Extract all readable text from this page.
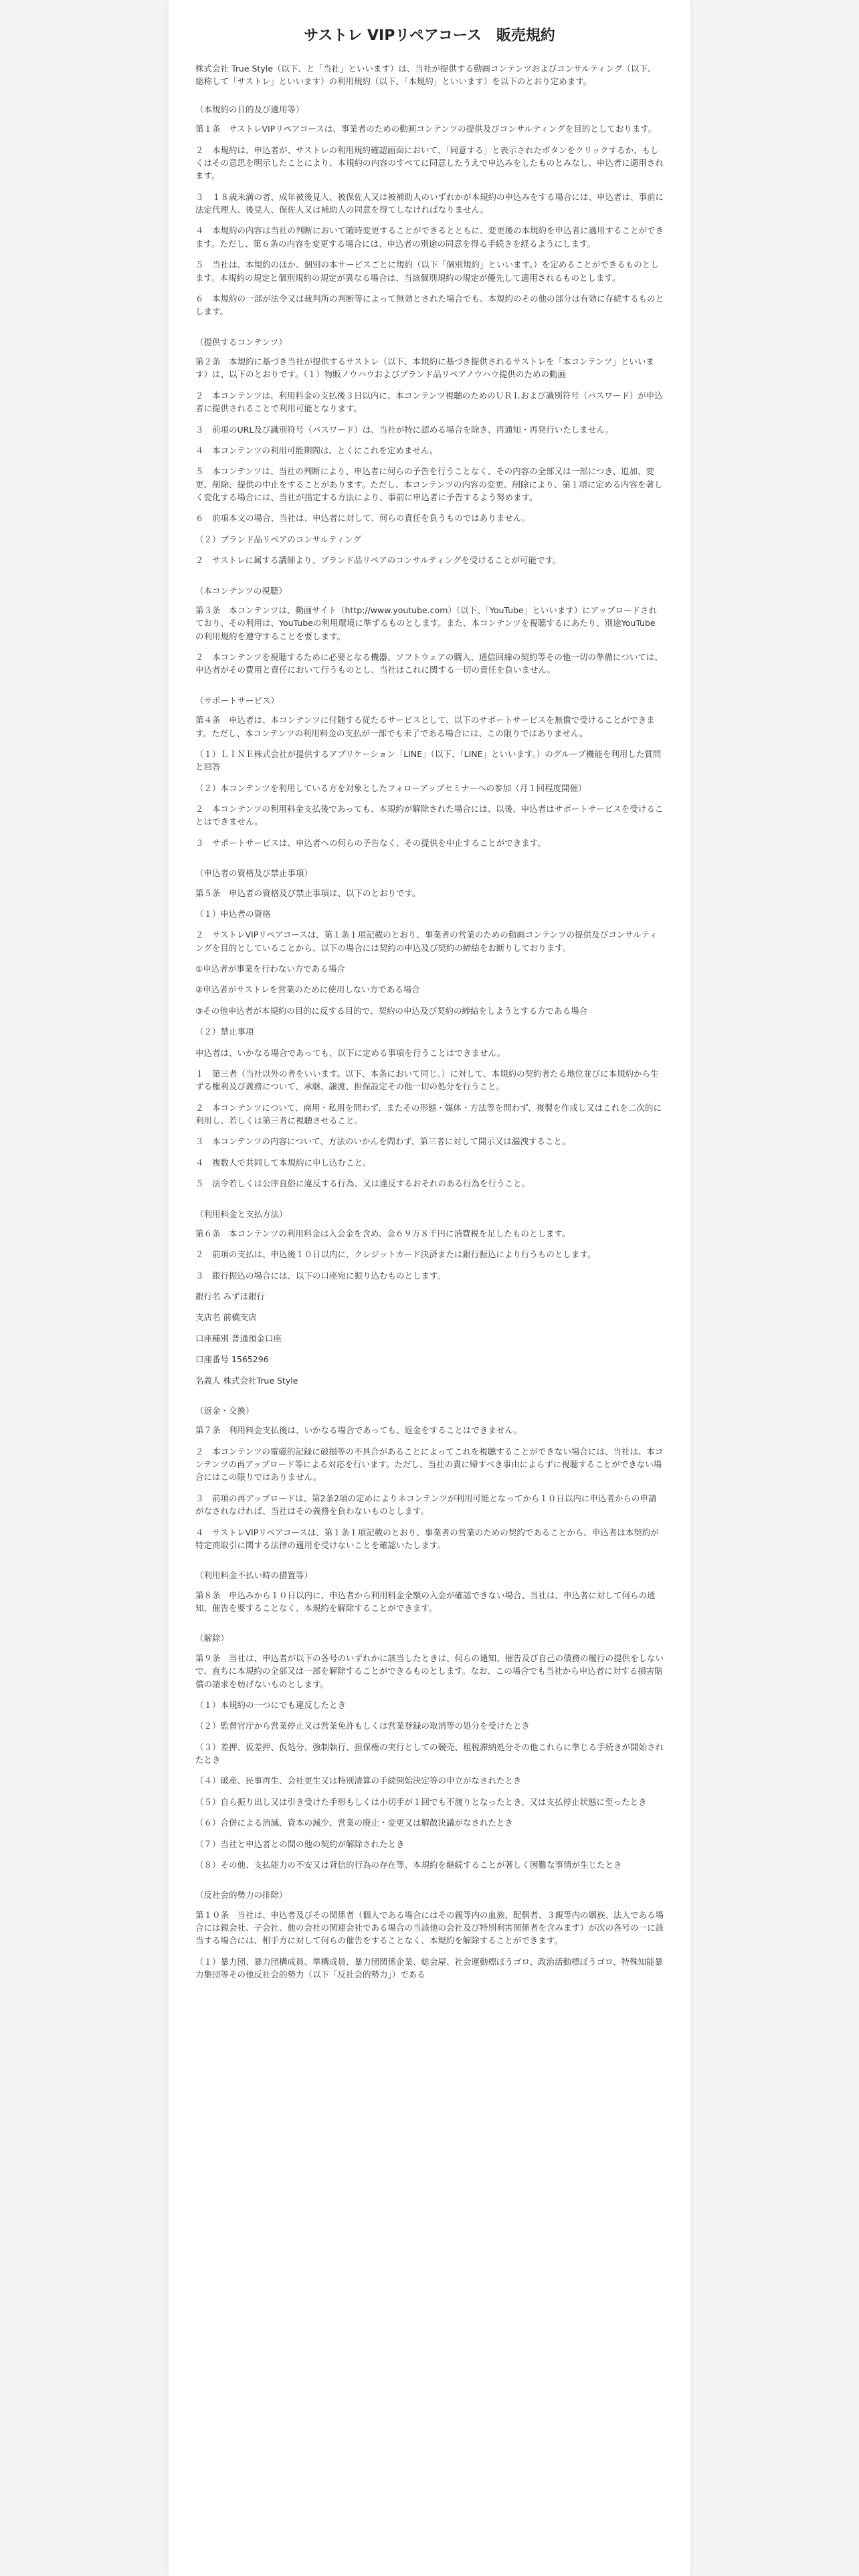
サストレ VIPリペアコース　販売規約

株式会社 True Style（以下、と「当社」といいます）は、当社が提供する動画コンテンツおよびコンサルティング（以下、総称して「サストレ」といいます）の利用規約（以下、「本規約」といいます）を以下のとおり定めます。

（本規約の目的及び適用等）

第１条　サストレVIPリペアコースは、事業者のための動画コンテンツの提供及びコンサルティングを目的としております。

２　本規約は、申込者が、サストレの利用規約確認画面において、「同意する」と表示されたボタンをクリックするか、もしくはその意思を明示したことにより、本規約の内容のすべてに同意したうえで申込みをしたものとみなし、申込者に適用されます。

３　１８歳未満の者、成年被後見人、被保佐人又は被補助人のいずれかが本規約の申込みをする場合には、申込者は、事前に法定代理人、後見人、保佐人又は補助人の同意を得てしなければなりません。

４　本規約の内容は当社の判断において随時変更することができるとともに、変更後の本規約を申込者に適用することができます。ただし、第６条の内容を変更する場合には、申込者の別途の同意を得る手続きを経るようにします。

５　当社は、本規約のほか、個別の本サービスごとに規約（以下「個別規約」といいます。）を定めることができるものとします。本規約の規定と個別規約の規定が異なる場合は、当該個別規約の規定が優先して適用されるものとします。

６　本規約の一部が法令又は裁判所の判断等によって無効とされた場合でも、本規約のその他の部分は有効に存続するものとします。

（提供するコンテンツ）

第２条　本規約に基づき当社が提供するサストレ（以下、本規約に基づき提供されるサストレを「本コンテンツ」といいます）は、以下のとおりです。（１）物販ノウハウおよびブランド品リペアノウハウ提供のための動画

２　本コンテンツは、利用料金の支払後３日以内に、本コンテンツ視聴のためのＵＲＬおよび識別符号（パスワード）が申込者に提供されることで利用可能となります。

３　前項のURL及び識別符号（パスワード）は、当社が特に認める場合を除き、再通知・再発行いたしません。

４　本コンテンツの利用可能期間は、とくにこれを定めません。

５　本コンテンツは、当社の判断により、申込者に何らの予告を行うことなく、その内容の全部又は一部につき、追加、変更、削除、提供の中止をすることがあります。ただし、本コンテンツの内容の変更、削除により、第１項に定める内容を著しく変化する場合には、当社が指定する方法により、事前に申込者に予告するよう努めます。

６　前項本文の場合、当社は、申込者に対して、何らの責任を負うものではありません。

（２）ブランド品リペアのコンサルティング

２　サストレに属する講師より、ブランド品リペアのコンサルティングを受けることが可能です。

（本コンテンツの視聴）

第３条　本コンテンツは、動画サイト（http://www.youtube.com）（以下、「YouTube」といいます）にアップロードされており、その利用は、YouTubeの利用環境に準ずるものとします。また、本コンテンツを視聴するにあたり、別途YouTubeの利用規約を遵守することを要します。

２　本コンテンツを視聴するために必要となる機器、ソフトウェアの購入、通信回線の契約等その他一切の準備については、申込者がその費用と責任において行うものとし、当社はこれに関する一切の責任を負いません。

（サポートサービス）

第４条　申込者は、本コンテンツに付随する従たるサービスとして、以下のサポートサービスを無償で受けることができます。ただし、本コンテンツの利用料金の支払が一部でも未了である場合には、この限りではありません。

（１）ＬＩＮＥ株式会社が提供するアプリケーション「LINE」（以下、「LINE」といいます。）のグループ機能を利用した質問と回答

（２）本コンテンツを利用している方を対象としたフォローアップセミナーへの参加（月１回程度開催）

２　本コンテンツの利用料金支払後であっても、本規約が解除された場合には、以後、申込者はサポートサービスを受けることはできません。

３　サポートサービスは、申込者への何らの予告なく、その提供を中止することができます。

（申込者の資格及び禁止事項）

第５条　申込者の資格及び禁止事項は、以下のとおりです。

（１）申込者の資格

２　サストレVIPリペアコースは、第１条１項記載のとおり、事業者の営業のための動画コンテンツの提供及びコンサルティングを目的としていることから、以下の場合には契約の申込及び契約の締結をお断りしております。

①申込者が事業を行わない方である場合

②申込者がサストレを営業のために使用しない方である場合

③その他申込者が本規約の目的に反する目的で、契約の申込及び契約の締結をしようとする方である場合

（２）禁止事項

申込者は、いかなる場合であっても、以下に定める事項を行うことはできません。

１　第三者（当社以外の者をいいます。以下、本条において同じ。）に対して、本規約の契約者たる地位並びに本規約から生ずる権利及び義務について、承継、譲渡、担保設定その他一切の処分を行うこと。

２　本コンテンツについて、商用・私用を問わず、またその形態・媒体・方法等を問わず、複製を作成し又はこれを二次的に利用し、若しくは第三者に視聴させること。

３　本コンテンツの内容について、方法のいかんを問わず、第三者に対して開示又は漏洩すること。

４　複数人で共同して本規約に申し込むこと。

５　法令若しくは公序良俗に違反する行為、又は違反するおそれのある行為を行うこと。

（利用料金と支払方法）

第６条　本コンテンツの利用料金は入会金を含め、金６９万８千円に消費税を足したものとします。

２　前項の支払は、申込後１０日以内に、クレジットカード決済または銀行振込により行うものとします。

３　銀行振込の場合には、以下の口座宛に振り込むものとします。

銀行名 みずほ銀行

支店名 前橋支店

口座種別 普通預金口座

口座番号 1565296

名義人 株式会社True Style

（返金・交換）

第７条　利用料金支払後は、いかなる場合であっても、返金をすることはできません。

２　本コンテンツの電磁的記録に破損等の不具合があることによってこれを視聴することができない場合には、当社は、本コンテンツの再アップロード等による対応を行います。ただし、当社の責に帰すべき事由によらずに視聴することができない場合にはこの限りではありません。

３　前項の再アップロードは、第2条2項の定めによりネコンテンツが利用可能となってから１０日以内に申込者からの申請がなされなければ、当社はその義務を負わないものとします。

４　サストレVIPリペアコースは、第１条１項記載のとおり、事業者の営業のための契約であることから、申込者は本契約が特定商取引に関する法律の適用を受けないことを確認いたします。

（利用料金不払い時の措置等）

第８条　申込みから１０日以内に、申込者から利用料金全額の入金が確認できない場合、当社は、申込者に対して何らの通知、催告を要することなく、本規約を解除することができます。

（解除）

第９条　当社は、申込者が以下の各号のいずれかに該当したときは、何らの通知、催告及び自己の債務の履行の提供をしないで、直ちに本規約の全部又は一部を解除することができるものとします。なお、この場合でも当社から申込者に対する損害賠償の請求を妨げないものとします。

（１）本規約の一つにでも違反したとき

（２）監督官庁から営業停止又は営業免許もしくは営業登録の取消等の処分を受けたとき

（３）差押、仮差押、仮処分、強制執行、担保権の実行としての競売、租税滞納処分その他これらに準じる手続きが開始されたとき

（４）破産、民事再生、会社更生又は特別清算の手続開始決定等の申立がなされたとき

（５）自ら振り出し又は引き受けた手形もしくは小切手が１回でも不渡りとなったとき、又は支払停止状態に至ったとき

（６）合併による消滅、資本の減少、営業の廃止・変更又は解散決議がなされたとき

（７）当社と申込者との間の他の契約が解除されたとき

（８）その他、支払能力の不安又は背信的行為の存在等、本規約を継続することが著しく困難な事情が生じたとき

（反社会的勢力の排除）

第１０条　当社は、申込者及びその関係者（個人である場合にはその親等内の血族、配偶者、３親等内の姻族、法人である場合には親会社、子会社、他の会社の関連会社である場合の当該他の会社及び特別利害関係者を含みます）が次の各号の一に該当する場合には、相手方に対して何らの催告をすることなく、本規約を解除することができます。

（１）暴力団、暴力団構成員、準構成員、暴力団関係企業、総会屋、社会運動標ぼうゴロ、政治活動標ぼうゴロ、特殊知能暴力集団等その他反社会的勢力（以下「反社会的勢力」）である
